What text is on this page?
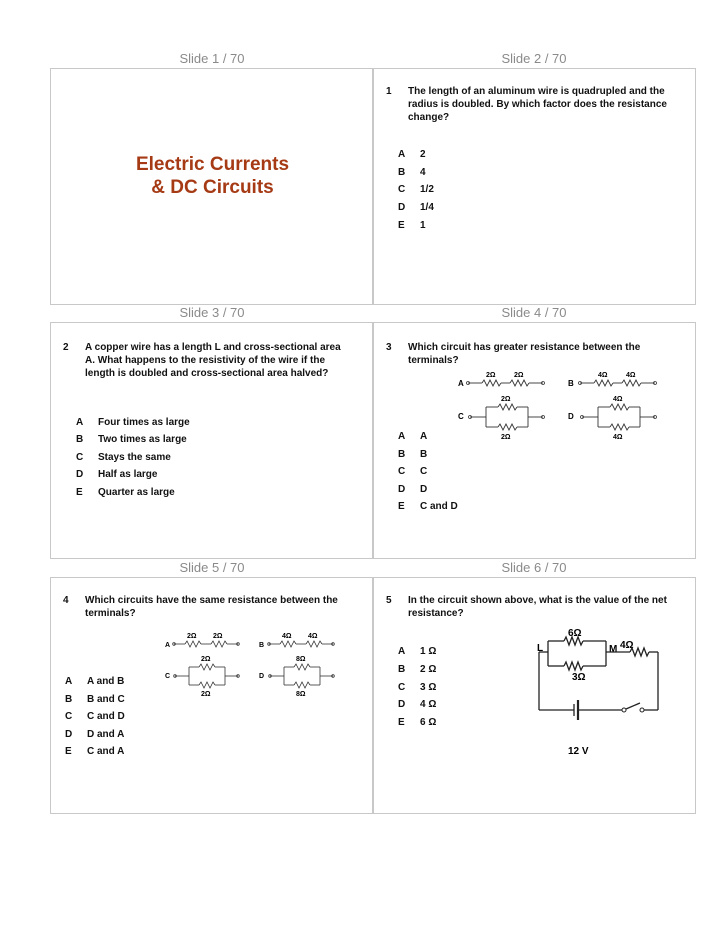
Slide 1 / 70	Slide 2 / 70
Slide 3 / 70	Slide 4 / 70
Slide 5 / 70	Slide 6 / 70
Electric Currents
& DC Circuits
1 The length of an aluminum wire is quadrupled and the radius is doubled. By which factor does the resistance change?
A 2
B 4
C 1/2
D 1/4
E 1
2 A copper wire has a length L and cross-sectional area A. What happens to the resistivity of the wire if the length is doubled and cross-sectional area halved?
A Four times as large
B Two times as large
C Stays the same
D Half as large
E Quarter as large
3 Which circuit has greater resistance between the terminals?
A
2Ω	2Ω
B
4Ω	4Ω
C
2Ω
2Ω
D
4Ω
4Ω
A A
B B
C C
D D
E C and D
4 Which circuits have the same resistance between the terminals?
A
2Ω 2Ω
B
4Ω 4Ω
C
2Ω
2Ω
D
8Ω
8Ω
A A and B
B B and C
C C and D
D D and A
E C and A
5 In the circuit shown above, what is the value of the net resistance?
6Ω
3Ω
4Ω
L	M
12 V
A 1 Ω
B 2 Ω
C 3 Ω
D 4 Ω
E 6 Ω
